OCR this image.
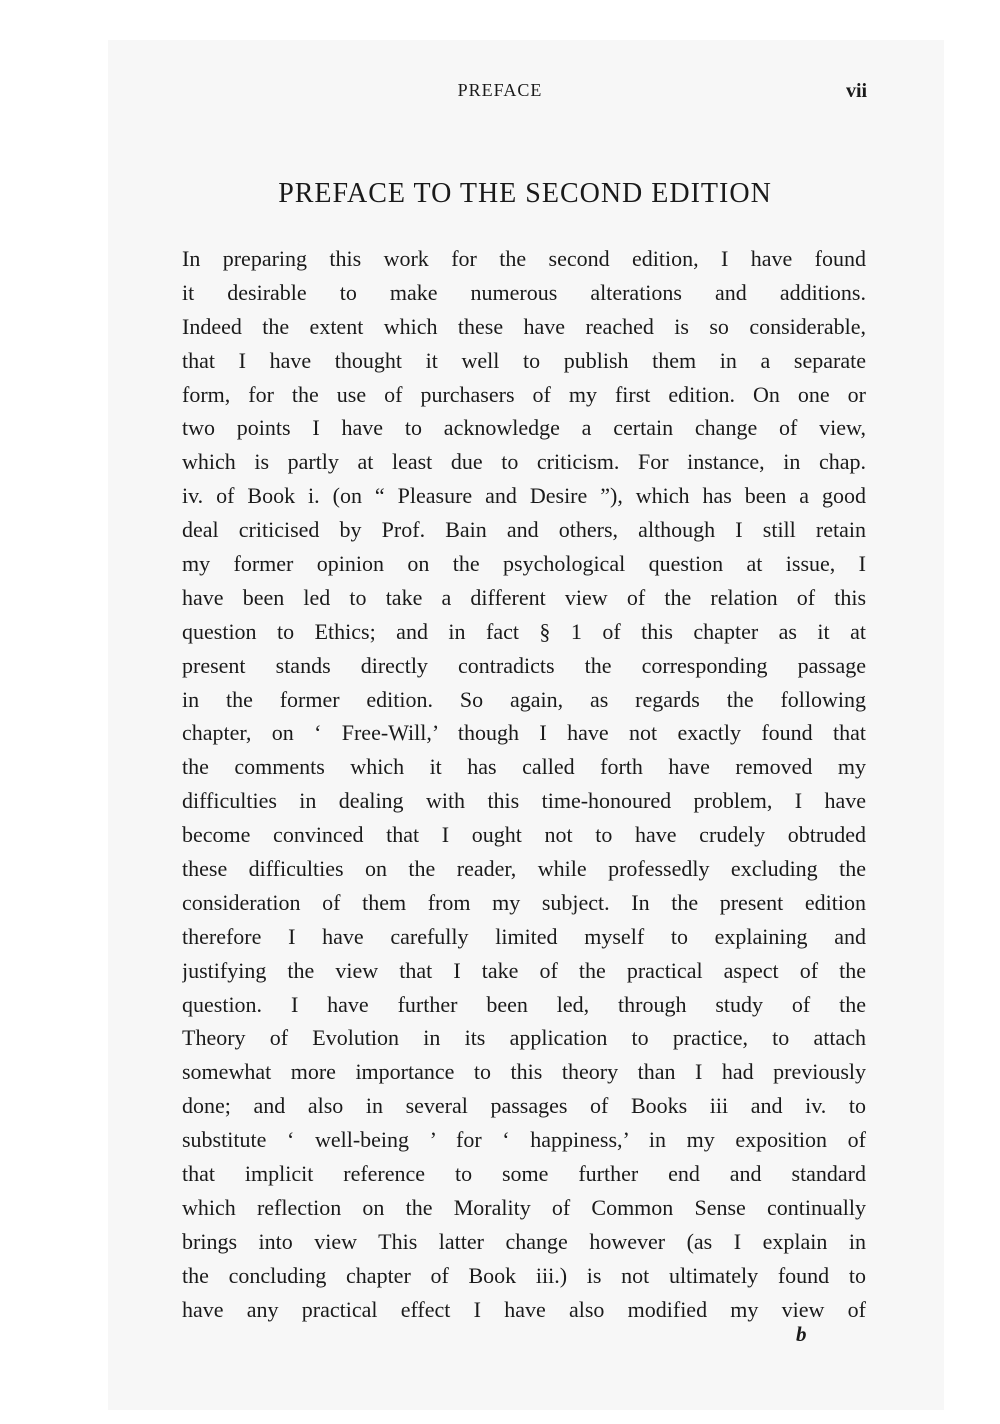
PREFACE	vii
PREFACE TO THE SECOND EDITION
In preparing this work for the second edition, I have found
it desirable to make numerous alterations and additions.
Indeed the extent which these have reached is so considerable,
that I have thought it well to publish them in a separate
form, for the use of purchasers of my first edition. On one or
two points I have to acknowledge a certain change of view,
which is partly at least due to criticism. For instance, in chap.
iv. of Book i. (on “ Pleasure and Desire ”), which has been a good
deal criticised by Prof. Bain and others, although I still retain
my former opinion on the psychological question at issue, I
have been led to take a different view of the relation of this
question to Ethics; and in fact § 1 of this chapter as it at
present stands directly contradicts the corresponding passage
in the former edition. So again, as regards the following
chapter, on ‘ Free-Will,’ though I have not exactly found that
the comments which it has called forth have removed my
difficulties in dealing with this time-honoured problem, I have
become convinced that I ought not to have crudely obtruded
these difficulties on the reader, while professedly excluding the
consideration of them from my subject. In the present edition
therefore I have carefully limited myself to explaining and
justifying the view that I take of the practical aspect of the
question. I have further been led, through study of the
Theory of Evolution in its application to practice, to attach
somewhat more importance to this theory than I had previously
done; and also in several passages of Books iii and iv. to
substitute ‘ well-being ’ for ‘ happiness,’ in my exposition of
that implicit reference to some further end and standard
which reflection on the Morality of Common Sense continually
brings into view This latter change however (as I explain in
the concluding chapter of Book iii.) is not ultimately found to
have any practical effect I have also modified my view of
b
